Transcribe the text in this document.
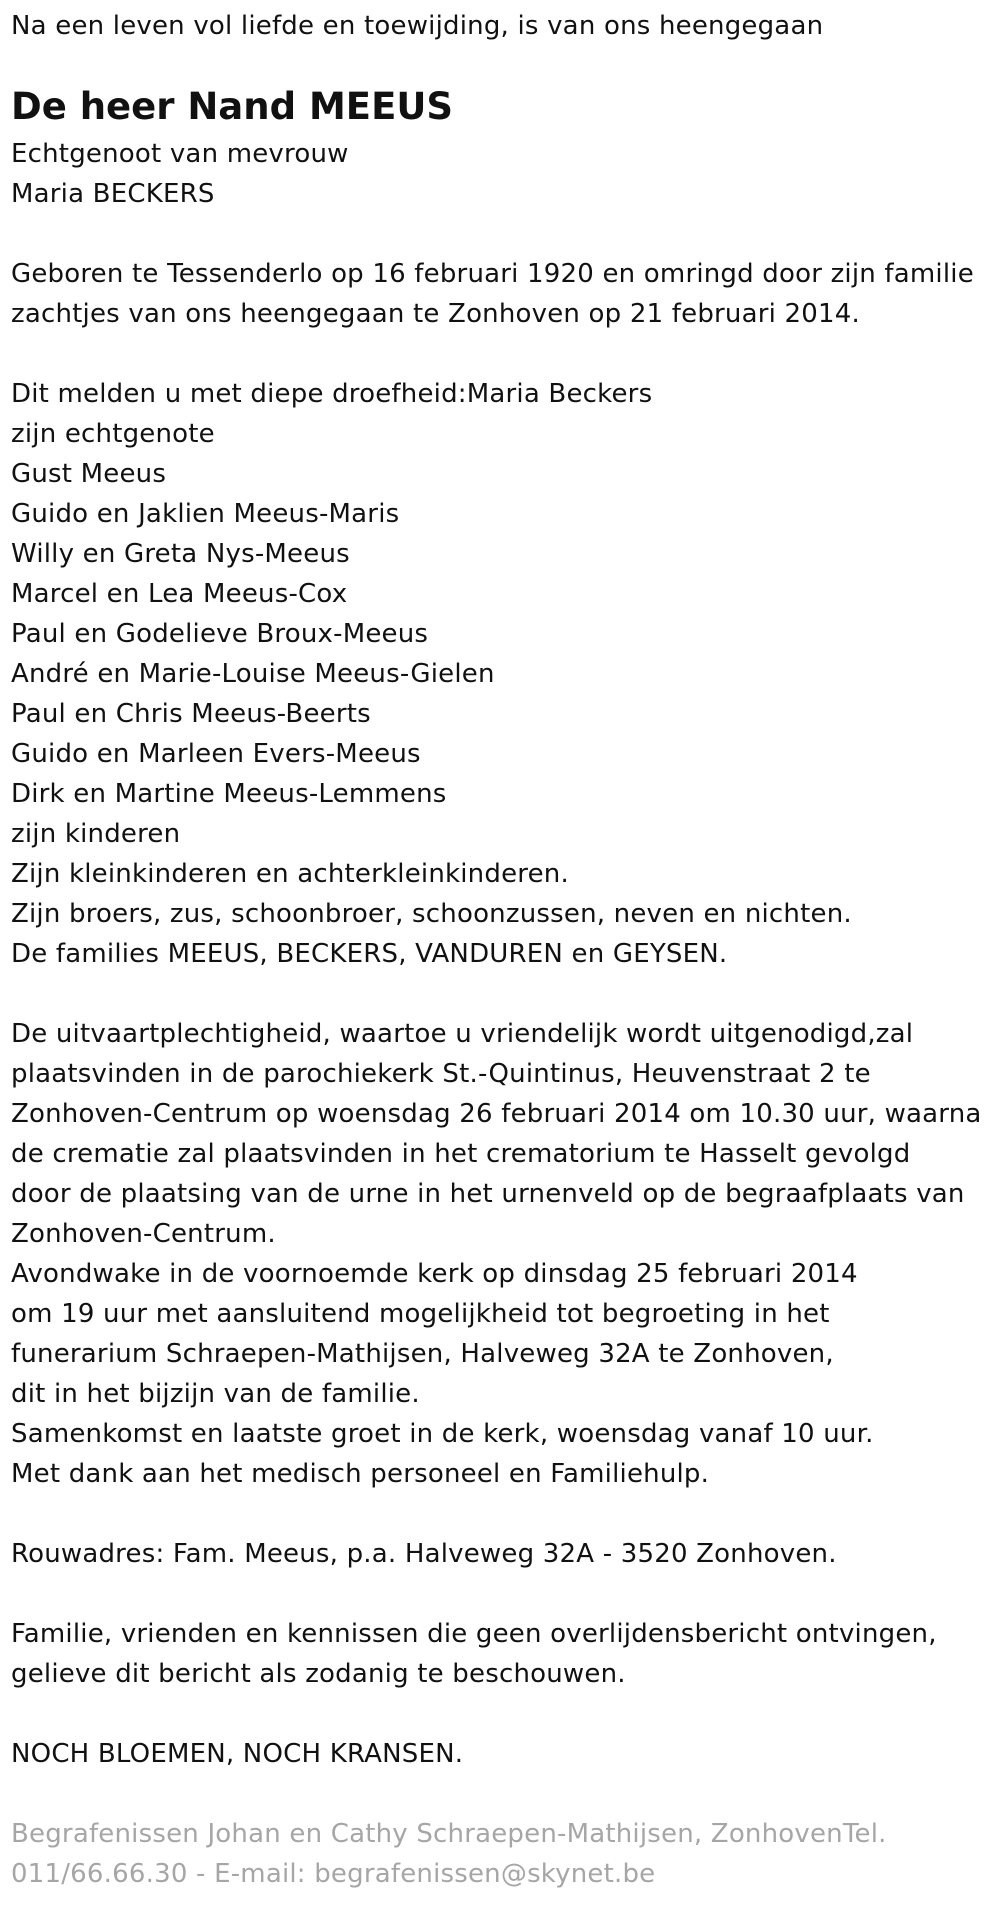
Na een leven vol liefde en toewijding, is van ons heengegaan
De heer Nand MEEUS
Echtgenoot van mevrouw
Maria BECKERS
Geboren te Tessenderlo op 16 februari 1920 en omringd door zijn familie
zachtjes van ons heengegaan te Zonhoven op 21 februari 2014.
Dit melden u met diepe droefheid:Maria Beckers
zijn echtgenote
Gust Meeus
Guido en Jaklien Meeus-Maris
Willy en Greta Nys-Meeus
Marcel en Lea Meeus-Cox
Paul en Godelieve Broux-Meeus
André en Marie-Louise Meeus-Gielen
Paul en Chris Meeus-Beerts
Guido en Marleen Evers-Meeus
Dirk en Martine Meeus-Lemmens
zijn kinderen
Zijn kleinkinderen en achterkleinkinderen.
Zijn broers, zus, schoonbroer, schoonzussen, neven en nichten.
De families MEEUS, BECKERS, VANDUREN en GEYSEN.
De uitvaartplechtigheid, waartoe u vriendelijk wordt uitgenodigd,zal
plaatsvinden in de parochiekerk St.-Quintinus, Heuvenstraat 2 te
Zonhoven-Centrum op woensdag 26 februari 2014 om 10.30 uur, waarna
de crematie zal plaatsvinden in het crematorium te Hasselt gevolgd
door de plaatsing van de urne in het urnenveld op de begraafplaats van
Zonhoven-Centrum.
Avondwake in de voornoemde kerk op dinsdag 25 februari 2014
om 19 uur met aansluitend mogelijkheid tot begroeting in het
funerarium Schraepen-Mathijsen, Halveweg 32A te Zonhoven,
dit in het bijzijn van de familie.
Samenkomst en laatste groet in de kerk, woensdag vanaf 10 uur.
Met dank aan het medisch personeel en Familiehulp.
Rouwadres: Fam. Meeus, p.a. Halveweg 32A - 3520 Zonhoven.
Familie, vrienden en kennissen die geen overlijdensbericht ontvingen,
gelieve dit bericht als zodanig te beschouwen.
NOCH BLOEMEN, NOCH KRANSEN.
Begrafenissen Johan en Cathy Schraepen-Mathijsen, ZonhovenTel.
011/66.66.30 - E-mail: begrafenissen@skynet.be
